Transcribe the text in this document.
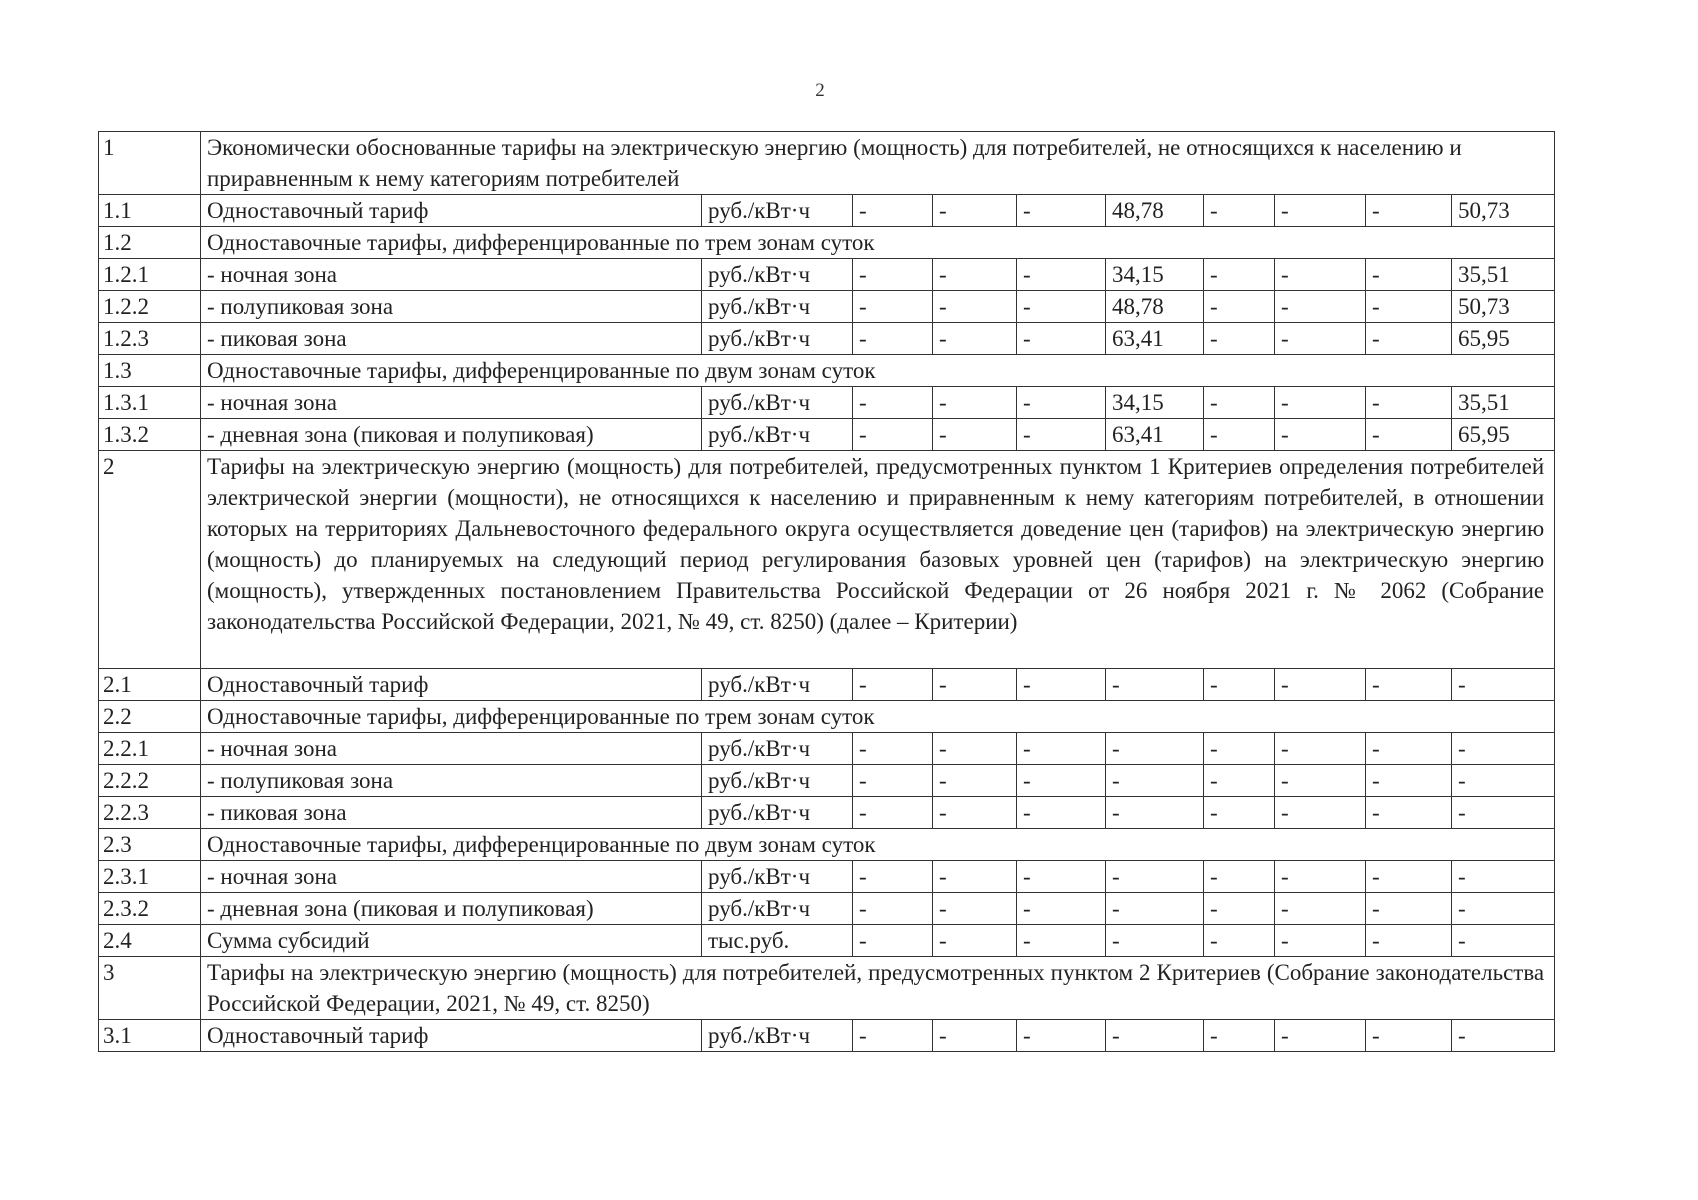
2
1	Экономически обоснованные тарифы на электрическую энергию (мощность) для потребителей, не относящихся к населению и приравненным к нему категориям потребителей									
1.1	Одноставочный тариф	руб./кВт·ч	-	-	-	48,78	-	-	-	50,73
1.2	Одноставочные тарифы, дифференцированные по трем зонам суток									
1.2.1	- ночная зона	руб./кВт·ч	-	-	-	34,15	-	-	-	35,51
1.2.2	- полупиковая зона	руб./кВт·ч	-	-	-	48,78	-	-	-	50,73
1.2.3	- пиковая зона	руб./кВт·ч	-	-	-	63,41	-	-	-	65,95
1.3	Одноставочные тарифы, дифференцированные по двум зонам суток									
1.3.1	- ночная зона	руб./кВт·ч	-	-	-	34,15	-	-	-	35,51
1.3.2	- дневная зона (пиковая и полупиковая)	руб./кВт·ч	-	-	-	63,41	-	-	-	65,95
2	Тарифы на электрическую энергию (мощность) для потребителей, предусмотренных пунктом 1 Критериев определения потребителей электрической энергии (мощности), не относящихся к населению и приравненным к нему категориям потребителей, в отношении которых на территориях Дальневосточного федерального округа осуществляется доведение цен (тарифов) на электрическую энергию (мощность) до планируемых на следующий период регулирования базовых уровней цен (тарифов) на электрическую энергию (мощность), утвержденных постановлением Правительства Российской Федерации от 26 ноября 2021 г. № 2062 (Собрание законодательства Российской Федерации, 2021, № 49, ст. 8250) (далее – Критерии)									
2.1	Одноставочный тариф	руб./кВт·ч	-	-	-	-	-	-	-	-
2.2	Одноставочные тарифы, дифференцированные по трем зонам суток									
2.2.1	- ночная зона	руб./кВт·ч	-	-	-	-	-	-	-	-
2.2.2	- полупиковая зона	руб./кВт·ч	-	-	-	-	-	-	-	-
2.2.3	- пиковая зона	руб./кВт·ч	-	-	-	-	-	-	-	-
2.3	Одноставочные тарифы, дифференцированные по двум зонам суток									
2.3.1	- ночная зона	руб./кВт·ч	-	-	-	-	-	-	-	-
2.3.2	- дневная зона (пиковая и полупиковая)	руб./кВт·ч	-	-	-	-	-	-	-	-
2.4	Сумма субсидий	тыс.руб.	-	-	-	-	-	-	-	-
3	Тарифы на электрическую энергию (мощность) для потребителей, предусмотренных пунктом 2 Критериев (Собрание законодательства Российской Федерации, 2021, № 49, ст. 8250)									
3.1	Одноставочный тариф	руб./кВт·ч	-	-	-	-	-	-	-	-
